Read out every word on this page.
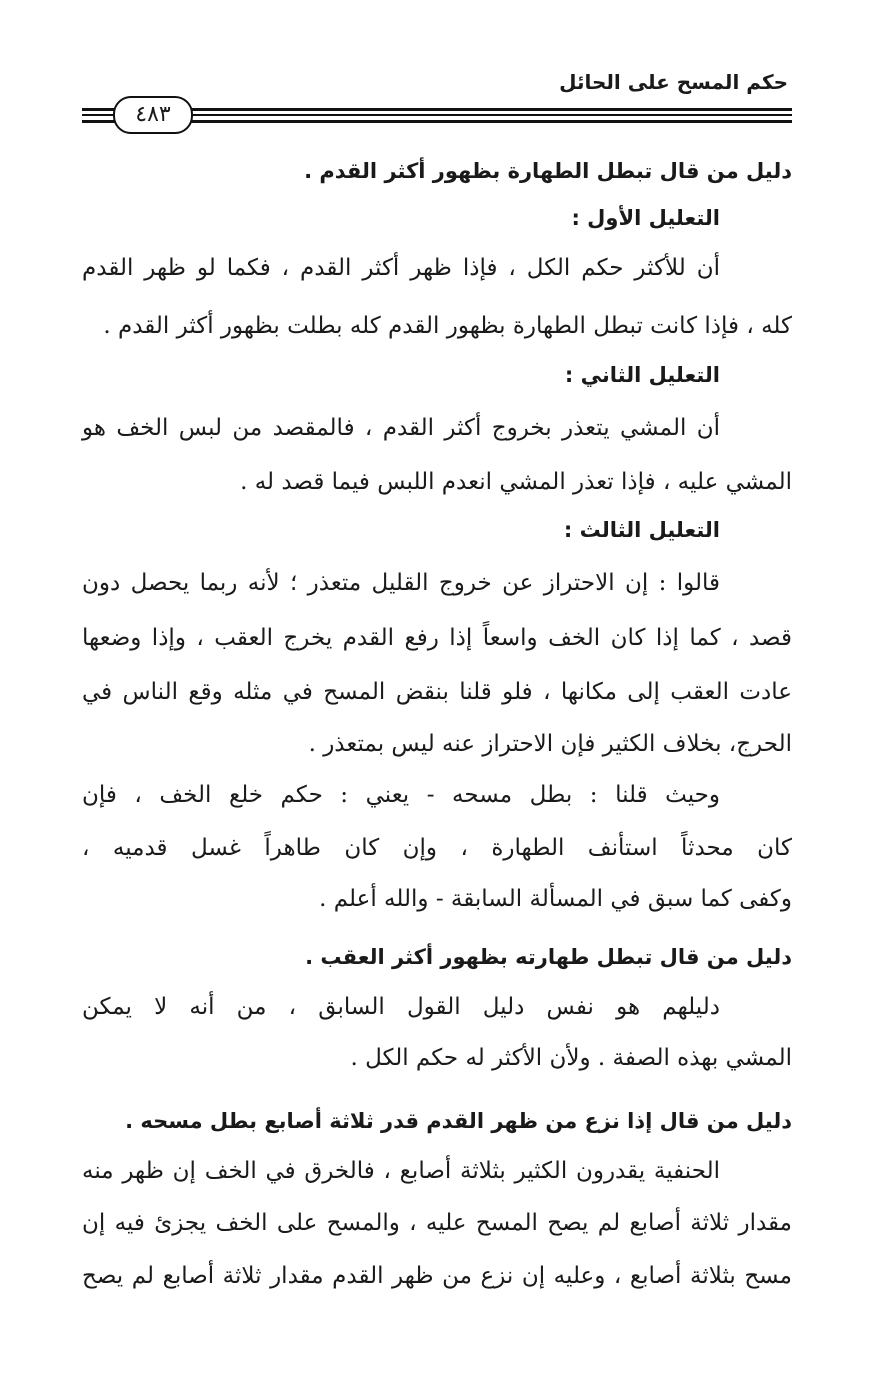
حكم المسح على الحائل
٤٨٣
دليل من قال تبطل الطهارة بظهور أكثر القدم .
التعليل الأول :
أن للأكثر حكم الكل ، فإذا ظهر أكثر القدم ، فكما لو ظهر القدم
كله ، فإذا كانت تبطل الطهارة بظهور القدم كله بطلت بظهور أكثر القدم .
التعليل الثاني :
أن المشي يتعذر بخروج أكثر القدم ، فالمقصد من لبس الخف هو
المشي عليه ، فإذا تعذر المشي انعدم اللبس فيما قصد له .
التعليل الثالث :
قالوا : إن الاحتراز عن خروج القليل متعذر ؛ لأنه ربما يحصل دون
قصد ، كما إذا كان الخف واسعاً إذا رفع القدم يخرج العقب ، وإذا وضعها
عادت العقب إلى مكانها ، فلو قلنا بنقض المسح في مثله وقع الناس في
الحرج، بخلاف الكثير فإن الاحتراز عنه ليس بمتعذر .
وحيث قلنا : بطل مسحه - يعني : حكم خلع الخف ، فإن
كان محدثاً استأنف الطهارة ، وإن كان طاهراً غسل قدميه ،
وكفى كما سبق في المسألة السابقة - والله أعلم .
دليل من قال تبطل طهارته بظهور أكثر العقب .
دليلهم هو نفس دليل القول السابق ، من أنه لا يمكن
المشي بهذه الصفة . ولأن الأكثر له حكم الكل .
دليل من قال إذا نزع من ظهر القدم قدر ثلاثة أصابع بطل مسحه .
الحنفية يقدرون الكثير بثلاثة أصابع ، فالخرق في الخف إن ظهر منه
مقدار ثلاثة أصابع لم يصح المسح عليه ، والمسح على الخف يجزئ فيه إن
مسح بثلاثة أصابع ، وعليه إن نزع من ظهر القدم مقدار ثلاثة أصابع لم يصح
